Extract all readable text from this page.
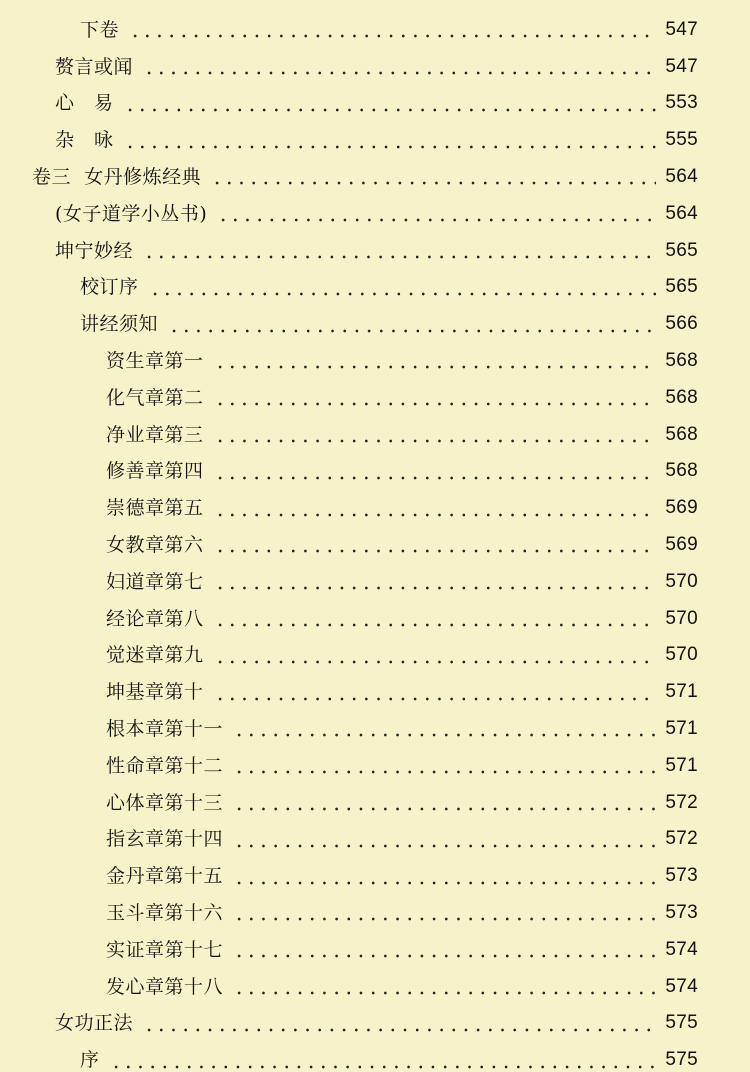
下卷	547
赘言或闻	547
心　易	553
杂　咏	555
卷三  女丹修炼经典	564
(女子道学小丛书)	564
坤宁妙经	565
校订序	565
讲经须知	566
资生章第一	568
化气章第二	568
净业章第三	568
修善章第四	568
崇德章第五	569
女教章第六	569
妇道章第七	570
经论章第八	570
觉迷章第九	570
坤基章第十	571
根本章第十一	571
性命章第十二	571
心体章第十三	572
指玄章第十四	572
金丹章第十五	573
玉斗章第十六	573
实证章第十七	574
发心章第十八	574
女功正法	575
序	575
